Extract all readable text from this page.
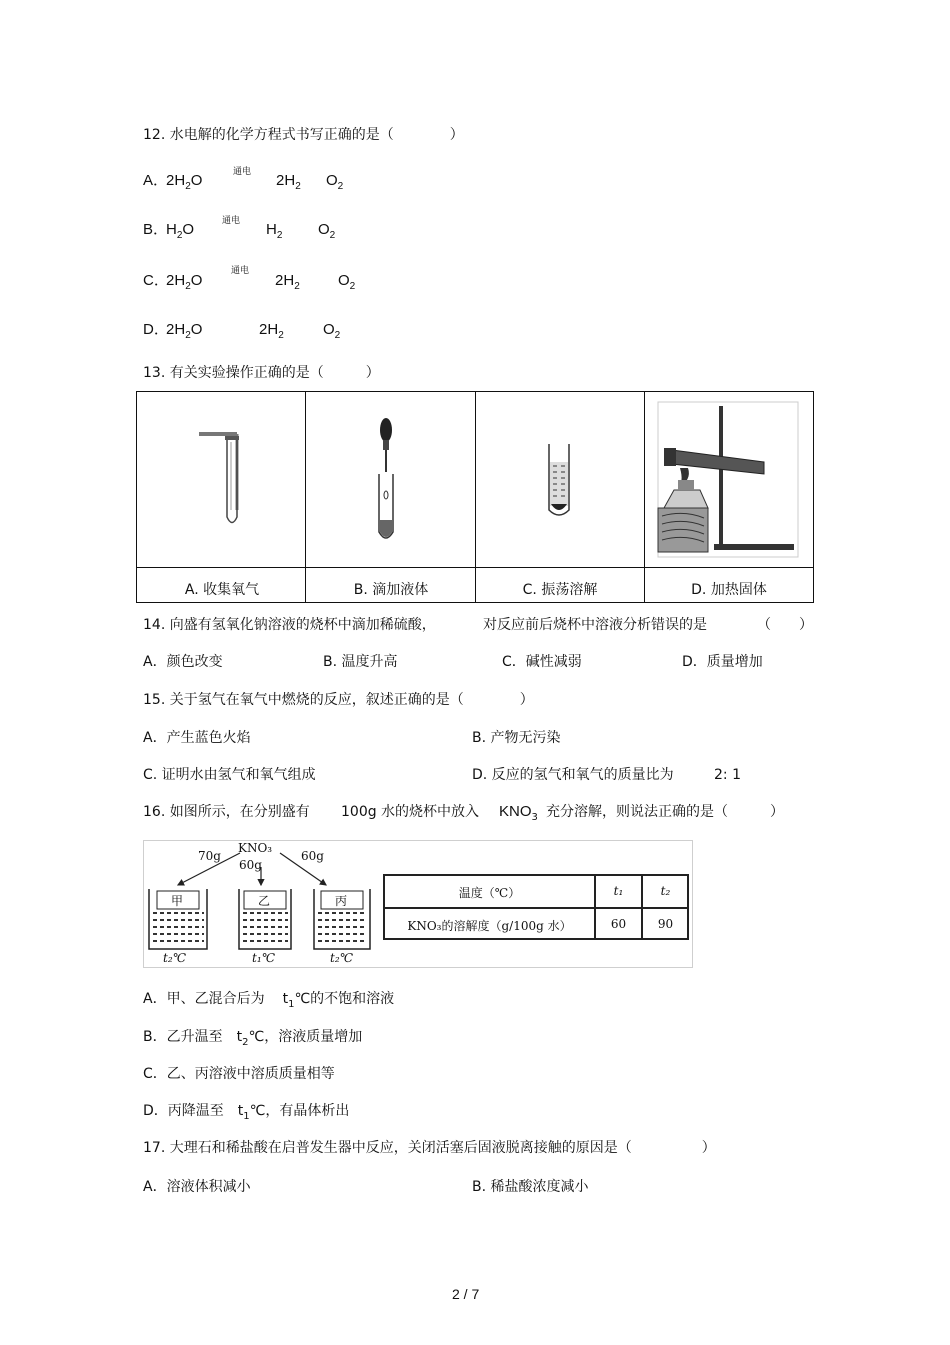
12. 水电解的化学方程式书写正确的是（　　　　）
A．
$2H_2O$	通电 $2H_2$ $O_2$
B．
$H_2O$	通电 $H_2$ $O_2$
C．
$2H_2O$
通电
$2H_2$	$O_2$
D．
$2H_2O$	$2H_2$	$O_2$
13. 有关实验操作正确的是（　　　）
A. 收集氧气	B. 滴加液体	C. 振荡溶解	D. 加热固体
14. 向盛有氢氧化钠溶液的烧杯中滴加稀硫酸，	对反应前后烧杯中溶液分析错误的是	（　　）
A．颜色改变	B. 温度升高	C．碱性减弱	D．质量增加
15. 关于氢气在氧气中燃烧的反应，叙述正确的是（　　　　）
A．产生蓝色火焰	B. 产物无污染
C. 证明水由氢气和氧气组成	D. 反应的氢气和氧气的质量比为	2: 1
16. 如图所示，在分别盛有 100g 水的烧杯中放入 $KNO_3$ 充分溶解，则说法正确的是（　　　）
KNO₃
70g
60g
60g
甲	乙	丙
t₂℃	t₁℃	t₂℃
温度（℃）	t₁	t₂
KNO₃的溶解度（g/100g 水）	60	90
A．甲、乙混合后为 $t_1℃$的不饱和溶液
B．乙升温至 $t_2℃$，溶液质量增加
C．乙、丙溶液中溶质质量相等
D．丙降温至 $t_1℃$，有晶体析出
17. 大理石和稀盐酸在启普发生器中反应，关闭活塞后固液脱离接触的原因是（　　　　　）
A．溶液体积减小	B. 稀盐酸浓度减小
2 / 7
